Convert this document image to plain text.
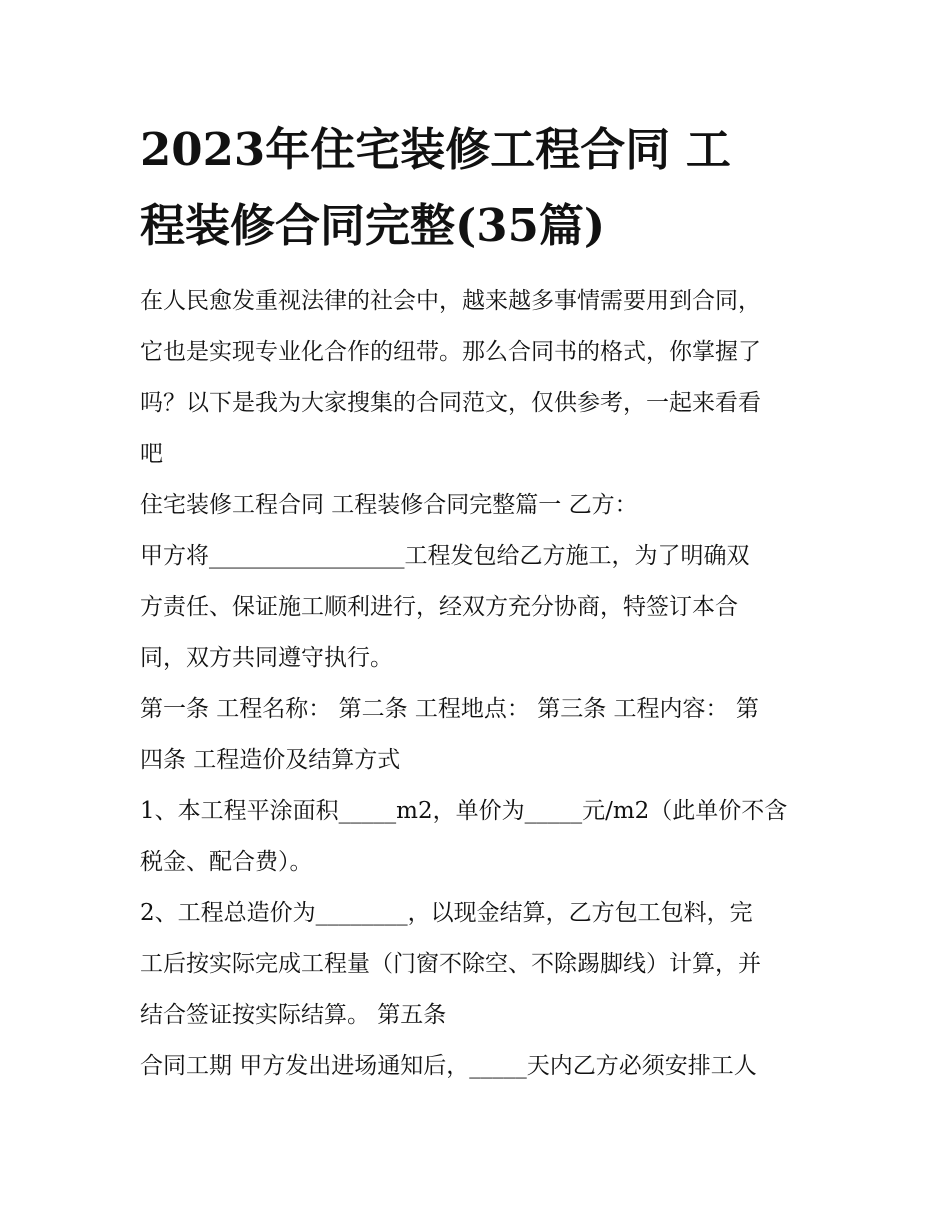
2023年住宅装修工程合同 工
程装修合同完整(35篇)

在人民愈发重视法律的社会中，越来越多事情需要用到合同，
它也是实现专业化合作的纽带。那么合同书的格式，你掌握了
吗？以下是我为大家搜集的合同范文，仅供参考，一起来看看
吧

住宅装修工程合同 工程装修合同完整篇一 乙方：

甲方将_________________工程发包给乙方施工，为了明确双
方责任、保证施工顺利进行，经双方充分协商，特签订本合
同，双方共同遵守执行。

第一条 工程名称： 第二条 工程地点： 第三条 工程内容： 第
四条 工程造价及结算方式

1、本工程平涂面积_____m2，单价为_____元/m2（此单价不含
税金、配合费）。

2、工程总造价为________，以现金结算，乙方包工包料，完
工后按实际完成工程量（门窗不除空、不除踢脚线）计算，并
结合签证按实际结算。 第五条

合同工期 甲方发出进场通知后，_____天内乙方必须安排工人
